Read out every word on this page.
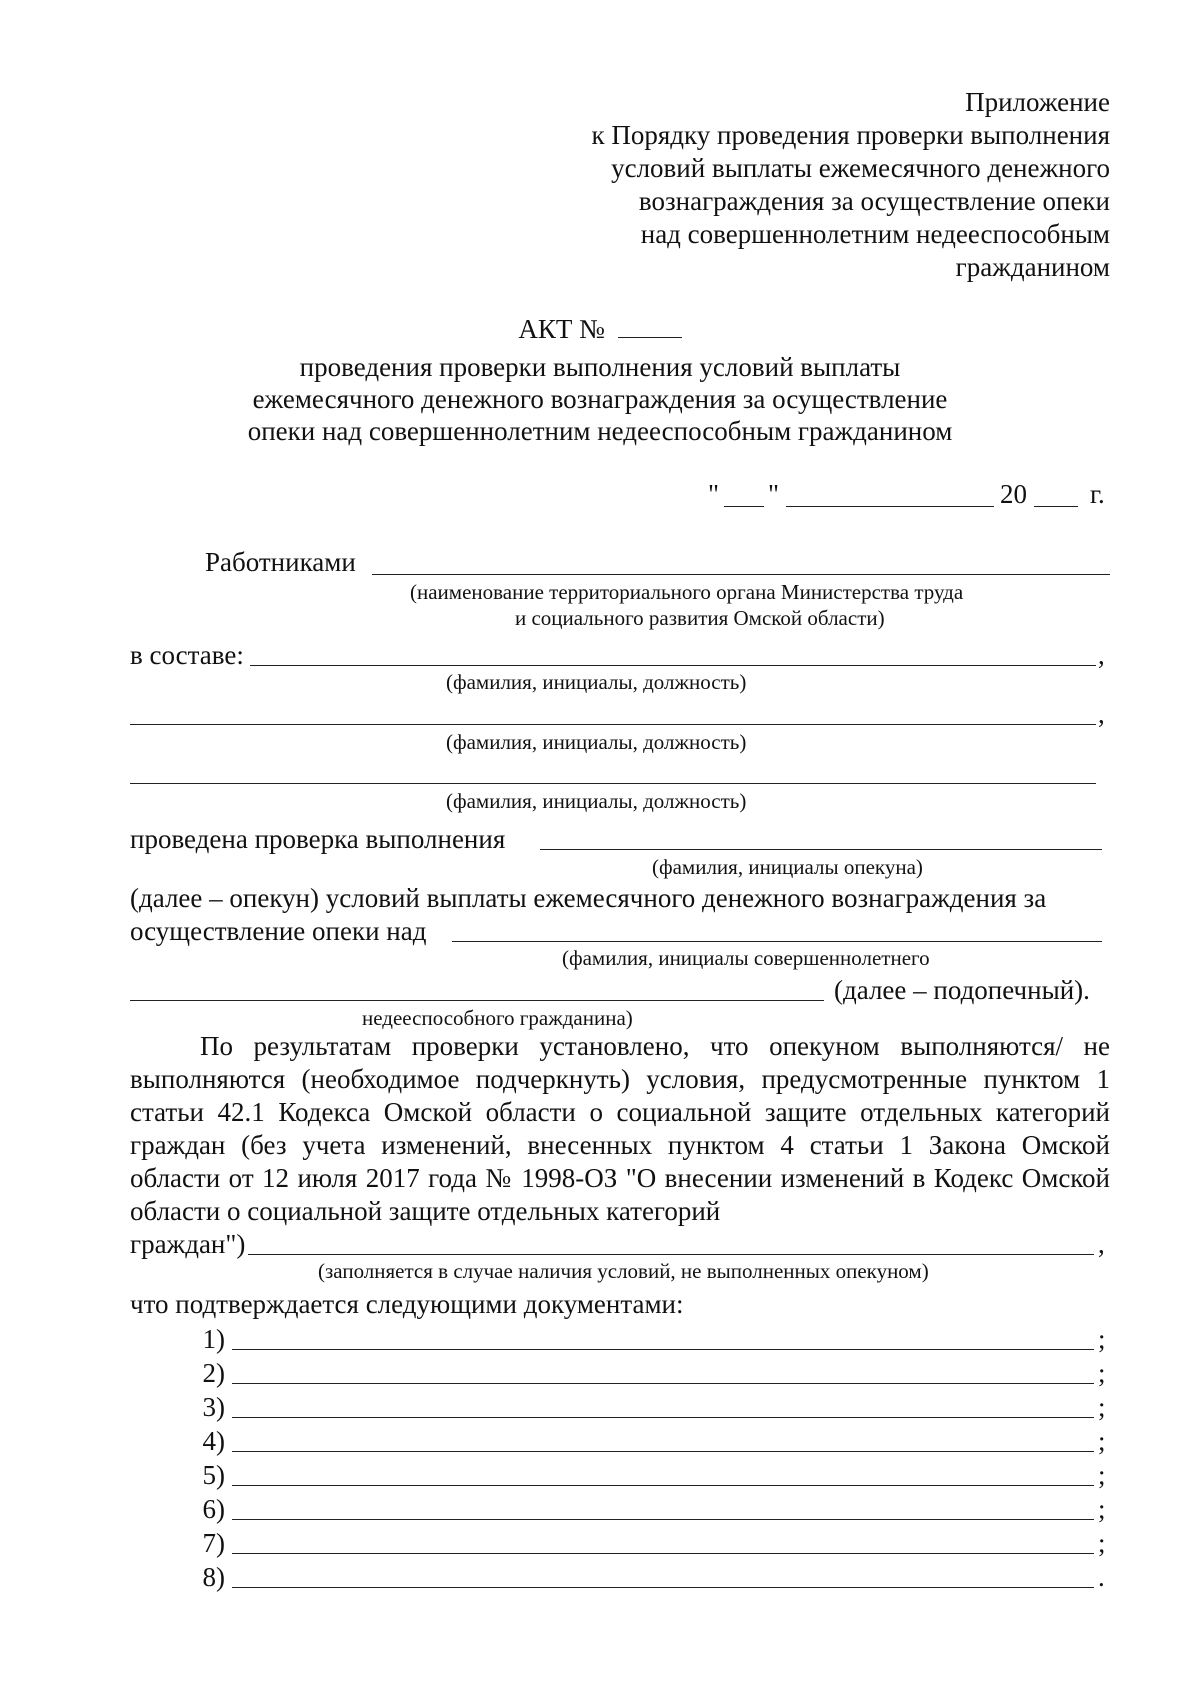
Приложение
к Порядку проведения проверки выполнения
условий выплаты ежемесячного денежного
вознаграждения за осуществление опеки
над совершеннолетним недееспособным
гражданином
АКТ №
проведения проверки выполнения условий выплаты
ежемесячного денежного вознаграждения за осуществление
опеки над совершеннолетним недееспособным гражданином
" "	20 г.
Работниками
(наименование территориального органа Министерства труда
и социального развития Омской области)
в составе:	,
(фамилия, инициалы, должность)
,
(фамилия, инициалы, должность)
(фамилия, инициалы, должность)
проведена проверка выполнения
(фамилия, инициалы опекуна)
(далее – опекун) условий выплаты ежемесячного денежного вознаграждения за
осуществление опеки над
(фамилия, инициалы совершеннолетнего
(далее – подопечный).
недееспособного гражданина)
По результатам проверки установлено, что опекуном выполняются/ не выполняются (необходимое подчеркнуть) условия, предусмотренные пунктом 1 статьи 42.1 Кодекса Омской области о социальной защите отдельных категорий граждан (без учета изменений, внесенных пунктом 4 статьи 1 Закона Омской области от 12 июля 2017 года № 1998-ОЗ "О внесении изменений в Кодекс Омской области о социальной защите отдельных категорий
граждан")	,
(заполняется в случае наличия условий, не выполненных опекуном)
что подтверждается следующими документами:
1)	;
2)	;
3)	;
4)	;
5)	;
6)	;
7)	;
8)	.
